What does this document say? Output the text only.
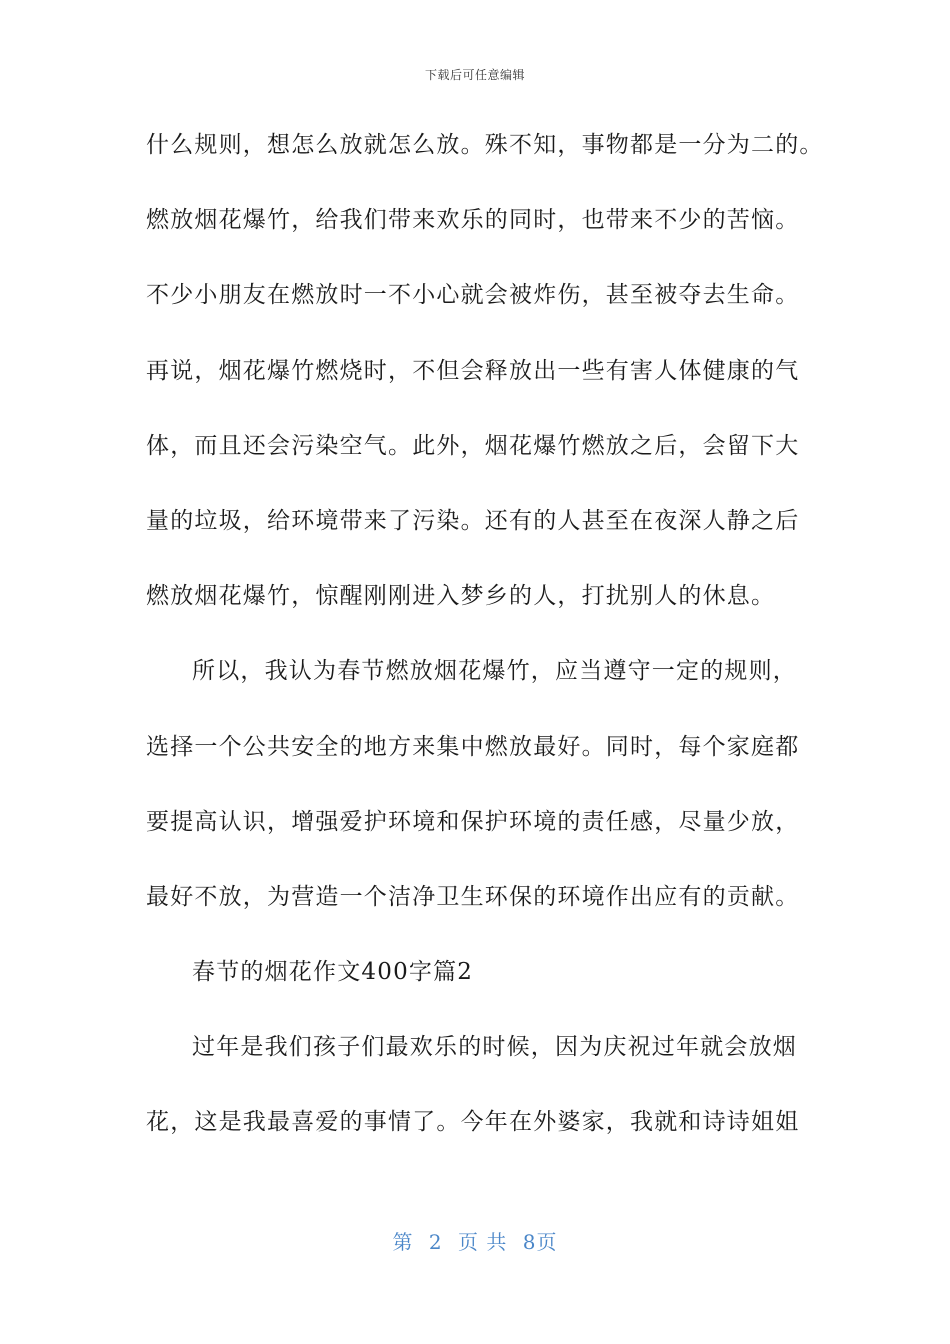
下载后可任意编辑
什么规则，想怎么放就怎么放。殊不知，事物都是一分为二的。
燃放烟花爆竹，给我们带来欢乐的同时，也带来不少的苦恼。
不少小朋友在燃放时一不小心就会被炸伤，甚至被夺去生命。
再说，烟花爆竹燃烧时，不但会释放出一些有害人体健康的气
体，而且还会污染空气。此外，烟花爆竹燃放之后，会留下大
量的垃圾，给环境带来了污染。还有的人甚至在夜深人静之后
燃放烟花爆竹，惊醒刚刚进入梦乡的人，打扰别人的休息。
所以，我认为春节燃放烟花爆竹，应当遵守一定的规则，
选择一个公共安全的地方来集中燃放最好。同时，每个家庭都
要提高认识，增强爱护环境和保护环境的责任感，尽量少放，
最好不放，为营造一个洁净卫生环保的环境作出应有的贡献。
春节的烟花作文400字篇2
过年是我们孩子们最欢乐的时候，因为庆祝过年就会放烟
花，这是我最喜爱的事情了。今年在外婆家，我就和诗诗姐姐
第 2 页 共 8页
